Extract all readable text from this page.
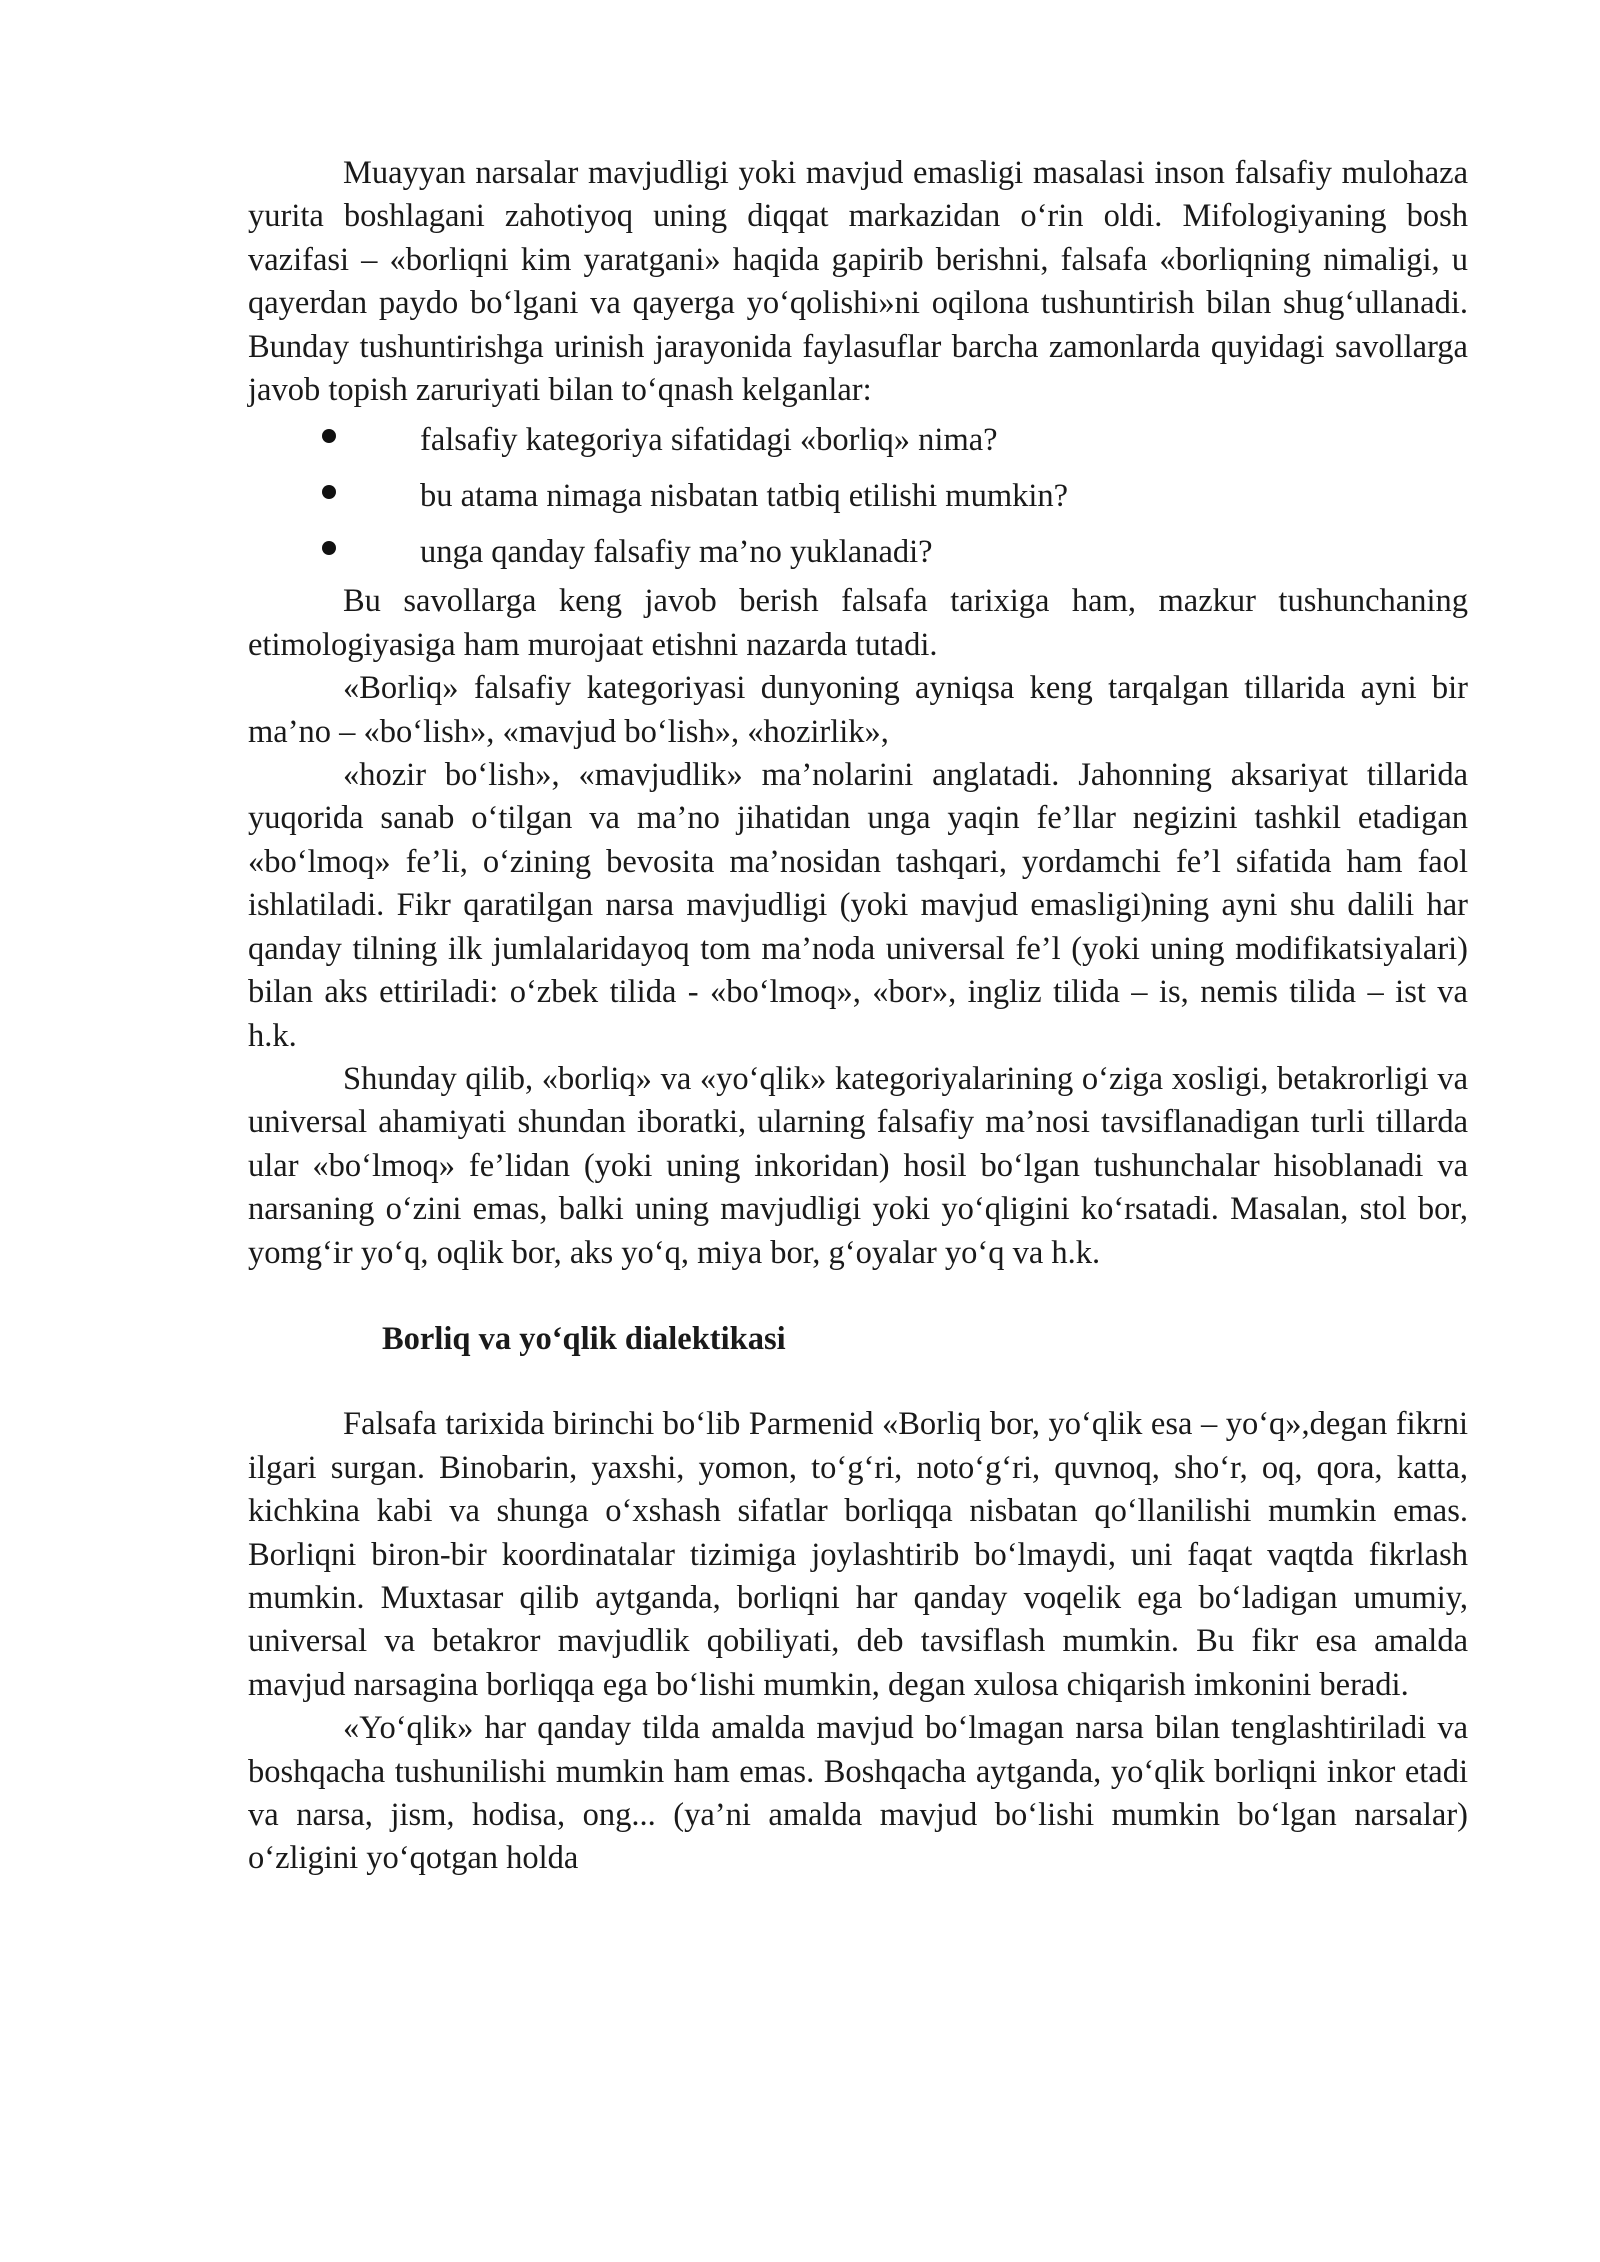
Muayyan narsalar mavjudligi yoki mavjud emasligi masalasi inson falsafiy mulohaza yurita boshlagani zahotiyoq uning diqqat markazidan o‘rin oldi. Mifologiyaning bosh vazifasi – «borliqni kim yaratgani» haqida gapirib berishni, falsafa «borliqning nimaligi, u qayerdan paydo bo‘lgani va qayerga yo‘qolishi»ni oqilona tushuntirish bilan shug‘ullanadi. Bunday tushuntirishga urinish jarayonida faylasuflar barcha zamonlarda quyidagi savollarga javob topish zaruriyati bilan to‘qnash kelganlar:

falsafiy kategoriya sifatidagi «borliq» nima?
bu atama nimaga nisbatan tatbiq etilishi mumkin?
unga qanday falsafiy ma’no yuklanadi?

Bu savollarga keng javob berish falsafa tarixiga ham, mazkur tushunchaning etimologiyasiga ham murojaat etishni nazarda tutadi.

«Borliq» falsafiy kategoriyasi dunyoning ayniqsa keng tarqalgan tillarida ayni bir ma’no – «bo‘lish», «mavjud bo‘lish», «hozirlik»,

«hozir bo‘lish», «mavjudlik» ma’nolarini anglatadi. Jahonning aksariyat tillarida yuqorida sanab o‘tilgan va ma’no jihatidan unga yaqin fe’llar negizini tashkil etadigan «bo‘lmoq» fe’li, o‘zining bevosita ma’nosidan tashqari, yordamchi fe’l sifatida ham faol ishlatiladi. Fikr qaratilgan narsa mavjudligi (yoki mavjud emasligi)ning ayni shu dalili har qanday tilning ilk jumlalaridayoq tom ma’noda universal fe’l (yoki uning modifikatsiyalari) bilan aks ettiriladi: o‘zbek tilida - «bo‘lmoq», «bor», ingliz tilida – is, nemis tilida – ist va h.k.

Shunday qilib, «borliq» va «yo‘qlik» kategoriyalarining o‘ziga xosligi, betakrorligi va universal ahamiyati shundan iboratki, ularning falsafiy ma’nosi tavsiflanadigan turli tillarda ular «bo‘lmoq» fe’lidan (yoki uning inkoridan) hosil bo‘lgan tushunchalar hisoblanadi va narsaning o‘zini emas, balki uning mavjudligi yoki yo‘qligini ko‘rsatadi. Masalan, stol bor, yomg‘ir yo‘q, oqlik bor, aks yo‘q, miya bor, g‘oyalar yo‘q va h.k.

Borliq va yo‘qlik dialektikasi

Falsafa tarixida birinchi bo‘lib Parmenid «Borliq bor, yo‘qlik esa – yo‘q»,degan fikrni ilgari surgan. Binobarin, yaxshi, yomon, to‘g‘ri, noto‘g‘ri, quvnoq, sho‘r, oq, qora, katta, kichkina kabi va shunga o‘xshash sifatlar borliqqa nisbatan qo‘llanilishi mumkin emas. Borliqni biron-bir koordinatalar tizimiga joylashtirib bo‘lmaydi, uni faqat vaqtda fikrlash mumkin. Muxtasar qilib aytganda, borliqni har qanday voqelik ega bo‘ladigan umumiy, universal va betakror mavjudlik qobiliyati, deb tavsiflash mumkin. Bu fikr esa amalda mavjud narsagina borliqqa ega bo‘lishi mumkin, degan xulosa chiqarish imkonini beradi.

«Yo‘qlik» har qanday tilda amalda mavjud bo‘lmagan narsa bilan tenglashtiriladi va boshqacha tushunilishi mumkin ham emas. Boshqacha aytganda, yo‘qlik borliqni inkor etadi va narsa, jism, hodisa, ong... (ya’ni amalda mavjud bo‘lishi mumkin bo‘lgan narsalar) o‘zligini yo‘qotgan holda
